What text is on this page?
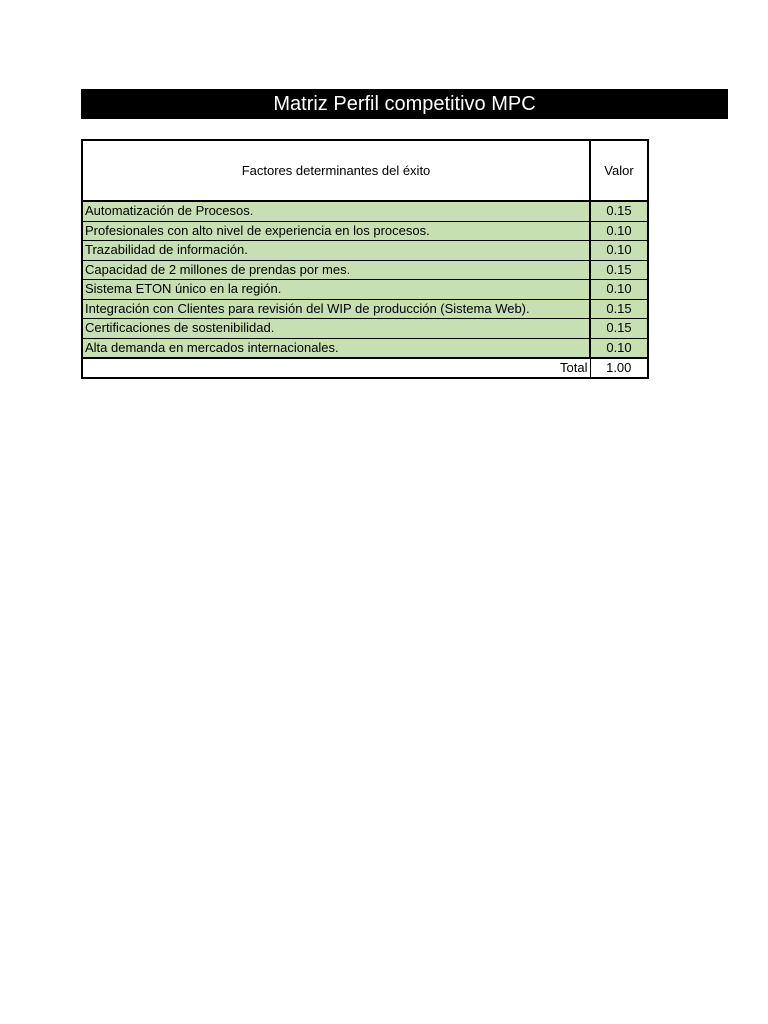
Matriz Perfil competitivo MPC
Factores determinantes del éxito	Valor
Automatización de Procesos.	0.15
Profesionales con alto nivel de experiencia en los procesos.	0.10
Trazabilidad de información.	0.10
Capacidad de 2 millones de prendas por mes.	0.15
Sistema ETON único en la región.	0.10
Integración con Clientes para revisión del WIP de producción (Sistema Web).	0.15
Certificaciones de sostenibilidad.	0.15
Alta demanda en mercados internacionales.	0.10
Total	1.00
